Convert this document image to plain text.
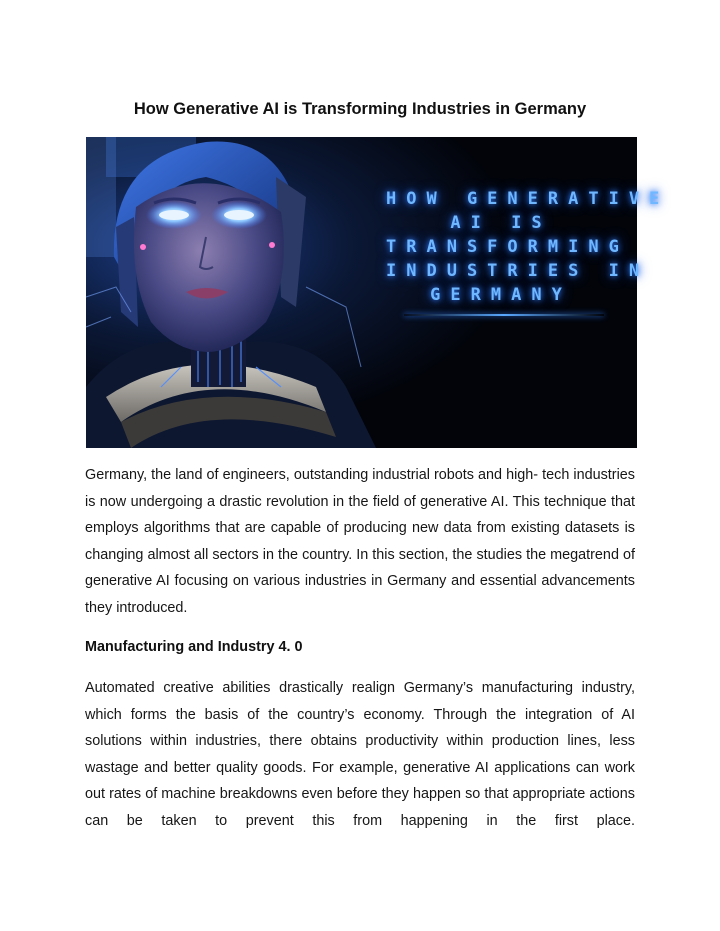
How Generative AI is Transforming Industries in Germany
HOW GENERATIVE
AI IS
TRANSFORMING
INDUSTRIES IN
GERMANY
Germany, the land of engineers, outstanding industrial robots and high- tech industries is now undergoing a drastic revolution in the field of generative AI. This technique that employs algorithms that are capable of producing new data from existing datasets is changing almost all sectors in the country. In this section, the studies the megatrend of generative AI focusing on various industries in Germany and essential advancements they introduced.
Manufacturing and Industry 4. 0
Automated creative abilities drastically realign Germany’s manufacturing industry, which forms the basis of the country’s economy. Through the integration of AI solutions within industries, there obtains productivity within production lines, less wastage and better quality goods. For example, generative AI applications can work out rates of machine breakdowns even before they happen so that appropriate actions can be taken to prevent this from happening in the first place.
